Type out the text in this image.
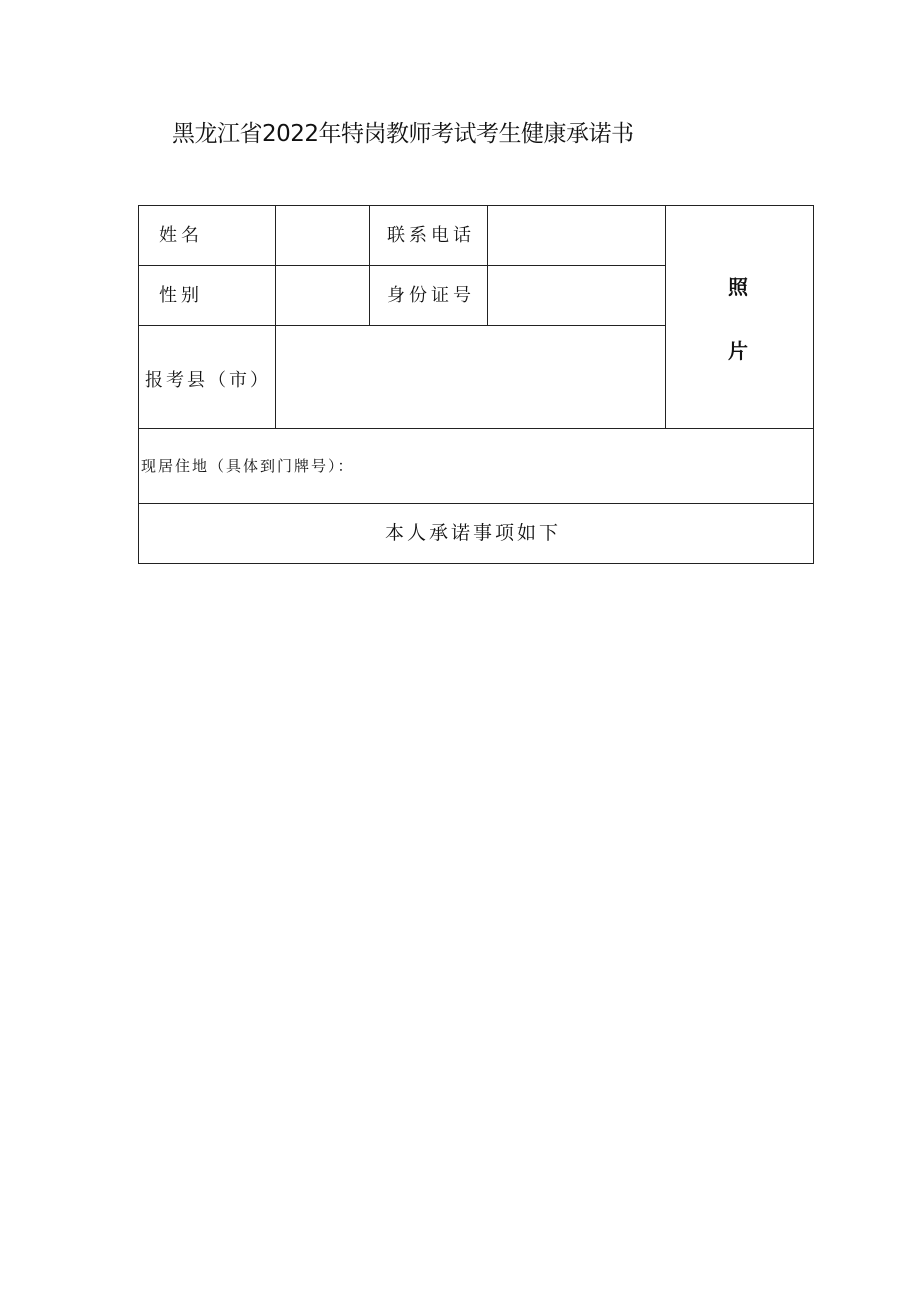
黑龙江省2022年特岗教师考试考生健康承诺书
姓名	联系电话
性别	身份证号
报考县（市）
照
片
现居住地（具体到门牌号）：
本人承诺事项如下
